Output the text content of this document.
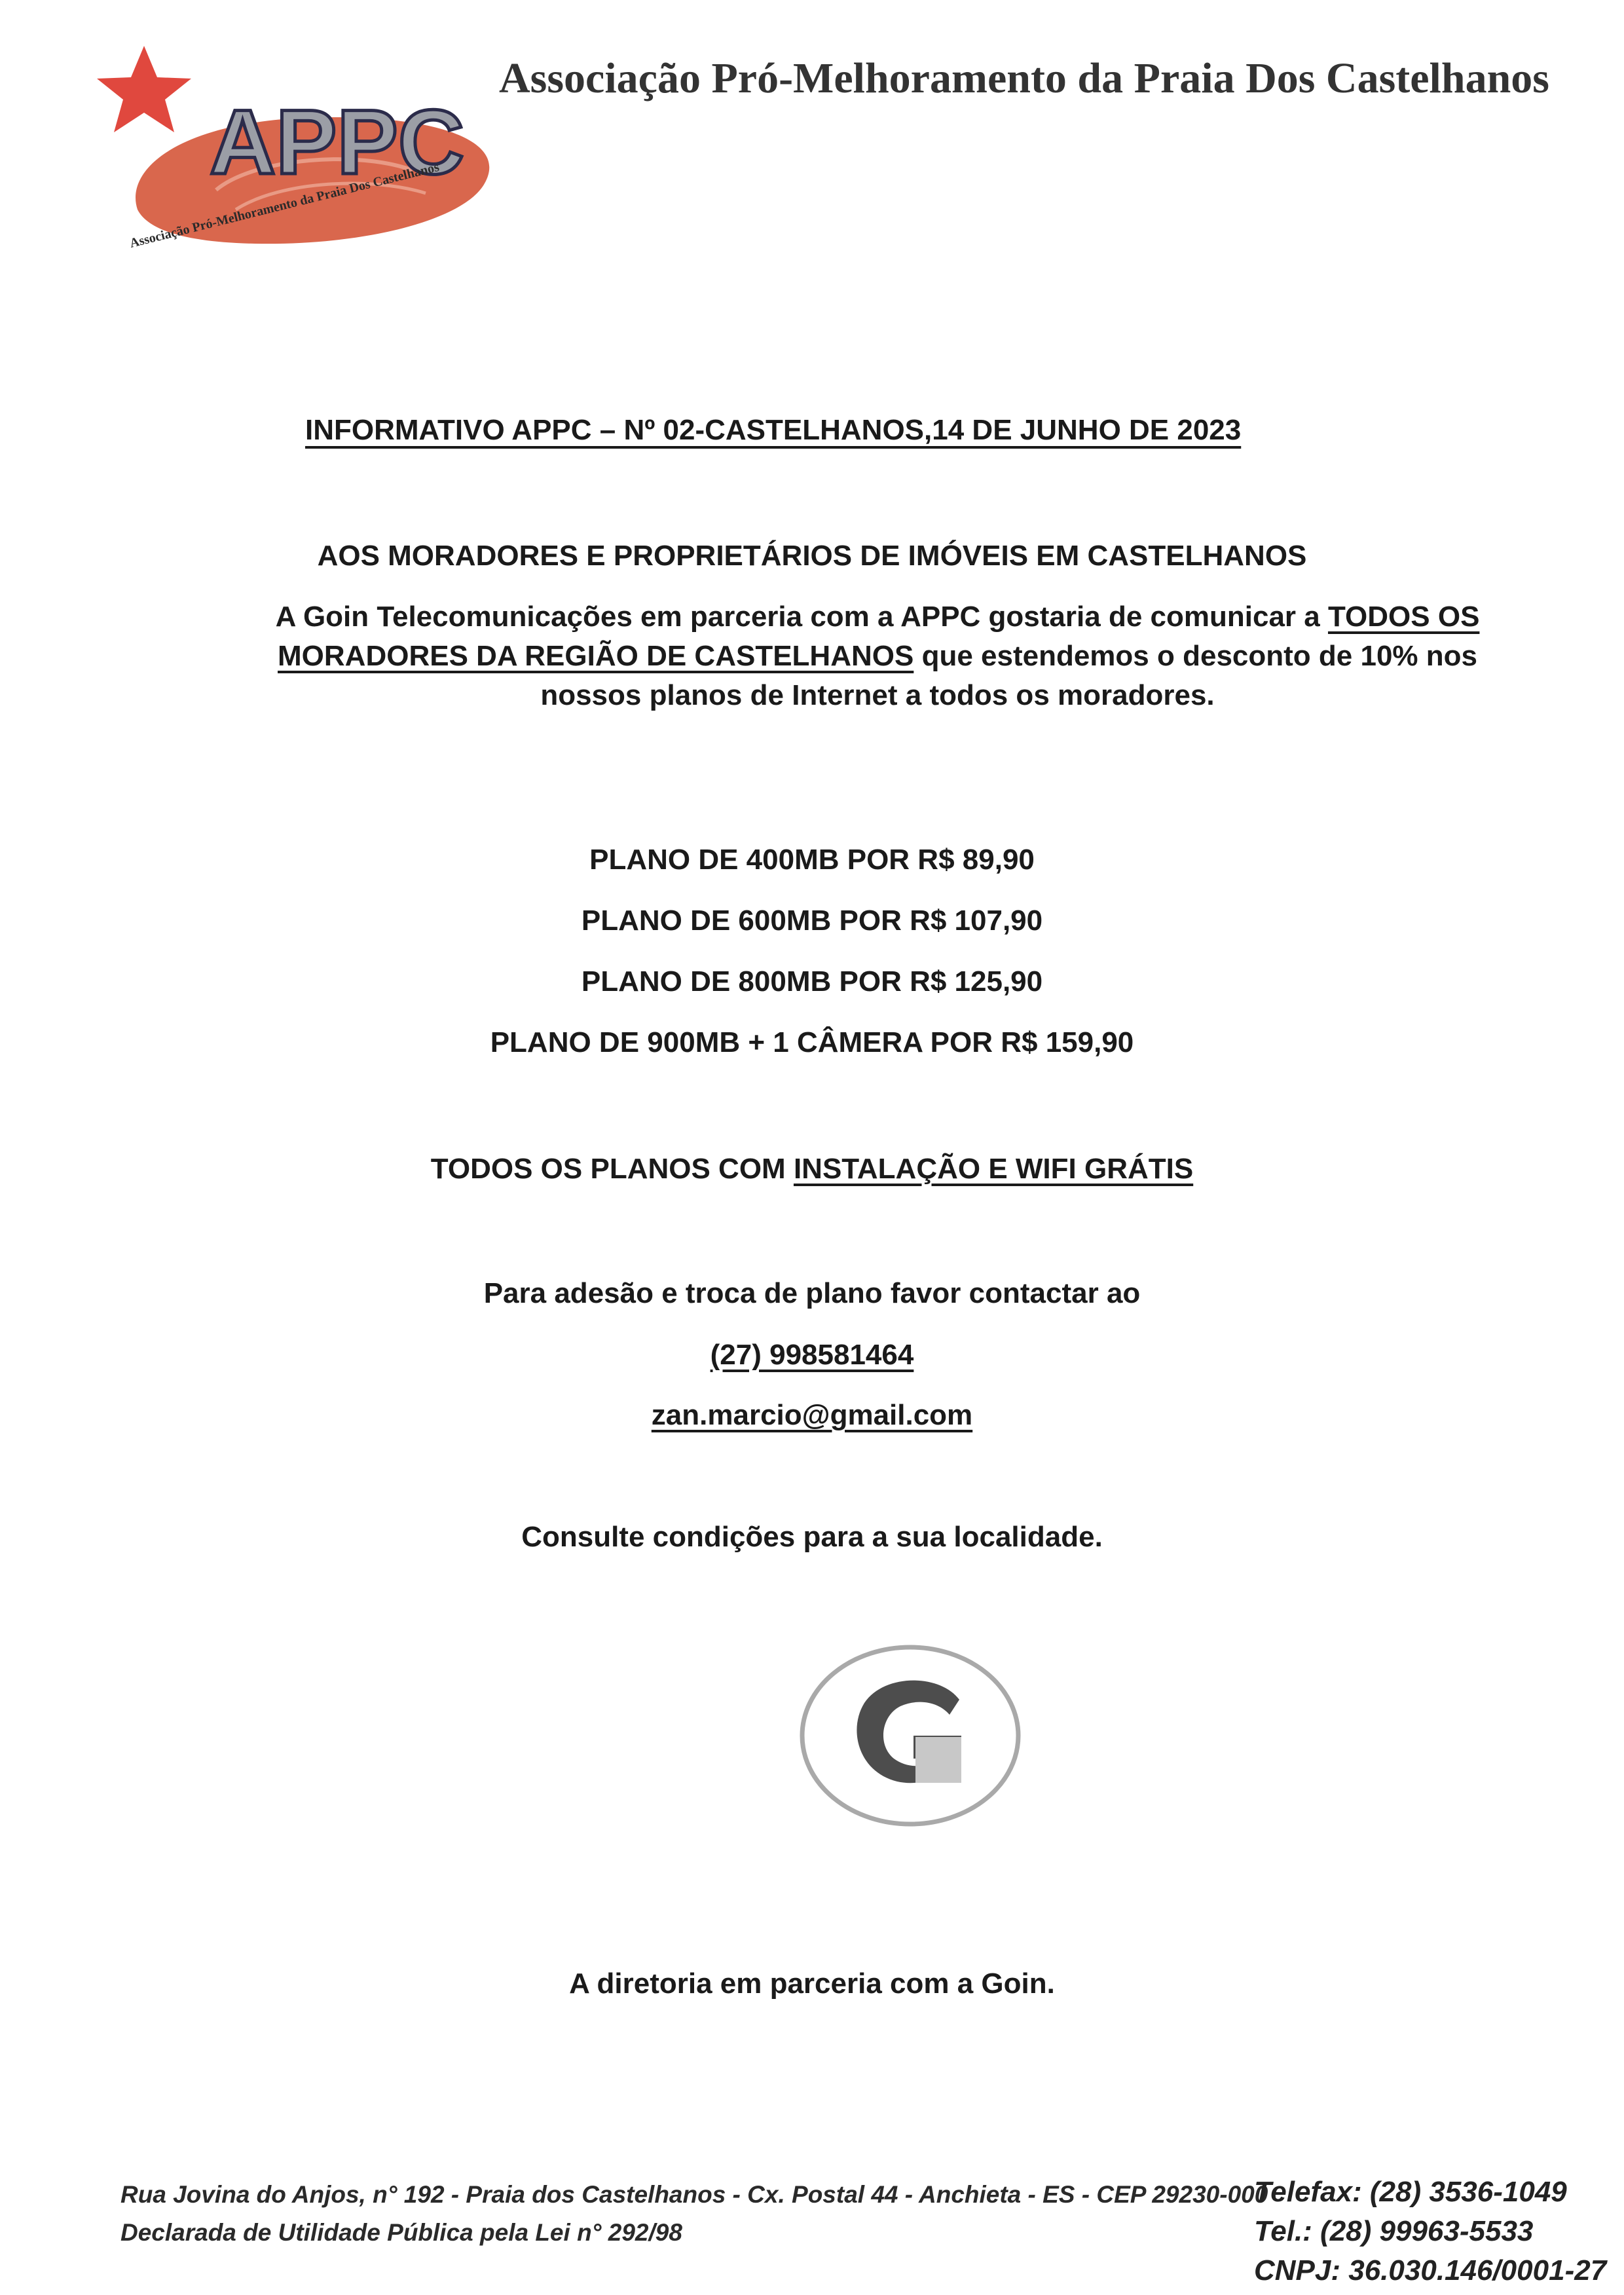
APPC
Associação Pró-Melhoramento da Praia Dos Castelhanos
Associação Pró-Melhoramento da Praia Dos Castelhanos
INFORMATIVO APPC – Nº 02-CASTELHANOS,14 DE JUNHO DE 2023
AOS MORADORES E PROPRIETÁRIOS DE IMÓVEIS EM CASTELHANOS
A Goin Telecomunicações em parceria com a APPC gostaria de comunicar a TODOS OS MORADORES DA REGIÃO DE CASTELHANOS que estendemos o desconto de 10% nos nossos planos de Internet a todos os moradores.
PLANO DE 400MB POR R$ 89,90
PLANO DE 600MB POR R$ 107,90
PLANO DE 800MB POR R$ 125,90
PLANO DE 900MB + 1 CÂMERA POR R$ 159,90
TODOS OS PLANOS COM INSTALAÇÃO E WIFI GRÁTIS
Para adesão e troca de plano favor contactar ao
(27) 998581464
zan.marcio@gmail.com
Consulte condições para a sua localidade.
A diretoria em parceria com a Goin.
Rua Jovina do Anjos, n° 192 - Praia dos Castelhanos - Cx. Postal 44 - Anchieta - ES - CEP 29230-000
Declarada de Utilidade Pública pela Lei n° 292/98
Telefax: (28) 3536-1049
Tel.: (28) 99963-5533
CNPJ: 36.030.146/0001-27
